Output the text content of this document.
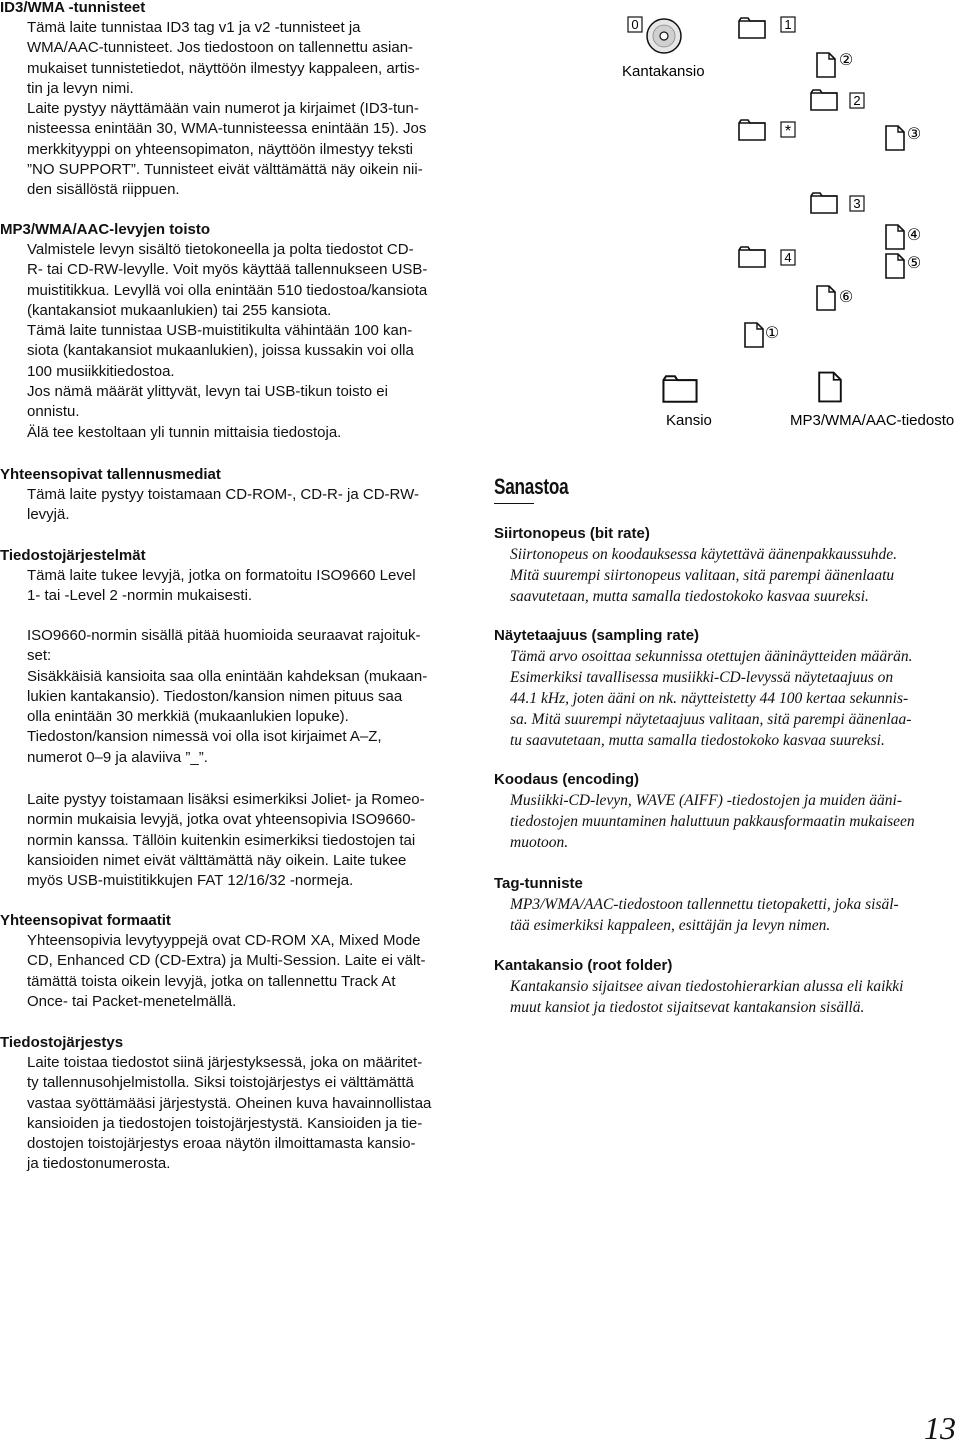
ID3/WMA -tunnisteet
Tämä laite tunnistaa ID3 tag v1 ja v2 -tunnisteet ja
WMA/AAC-tunnisteet. Jos tiedostoon on tallennettu asian-
mukaiset tunnistetiedot, näyttöön ilmestyy kappaleen, artis-
tin ja levyn nimi.
Laite pystyy näyttämään vain numerot ja kirjaimet (ID3-tun-
nisteessa enintään 30, WMA-tunnisteessa enintään 15). Jos
merkkityyppi on yhteensopimaton, näyttöön ilmestyy teksti
”NO SUPPORT”. Tunnisteet eivät välttämättä näy oikein nii-
den sisällöstä riippuen.
MP3/WMA/AAC-levyjen toisto
Valmistele levyn sisältö tietokoneella ja polta tiedostot CD-
R- tai CD-RW-levylle. Voit myös käyttää tallennukseen USB-
muistitikkua. Levyllä voi olla enintään 510 tiedostoa/kansiota
(kantakansiot mukaanlukien) tai 255 kansiota.
Tämä laite tunnistaa USB-muistitikulta vähintään 100 kan-
siota (kantakansiot mukaanlukien), joissa kussakin voi olla
100 musiikkitiedostoa.
Jos nämä määrät ylittyvät, levyn tai USB-tikun toisto ei
onnistu.
Älä tee kestoltaan yli tunnin mittaisia tiedostoja.
Yhteensopivat tallennusmediat
Tämä laite pystyy toistamaan CD-ROM-, CD-R- ja CD-RW-
levyjä.
Tiedostojärjestelmät
Tämä laite tukee levyjä, jotka on formatoitu ISO9660 Level
1- tai -Level 2 -normin mukaisesti.
ISO9660-normin sisällä pitää huomioida seuraavat rajoituk-
set:
Sisäkkäisiä kansioita saa olla enintään kahdeksan (mukaan-
lukien kantakansio). Tiedoston/kansion nimen pituus saa
olla enintään 30 merkkiä (mukaanlukien lopuke).
Tiedoston/kansion nimessä voi olla isot kirjaimet A–Z,
numerot 0–9 ja alaviiva ”_”.
Laite pystyy toistamaan lisäksi esimerkiksi Joliet- ja Romeo-
normin mukaisia levyjä, jotka ovat yhteensopivia ISO9660-
normin kanssa. Tällöin kuitenkin esimerkiksi tiedostojen tai
kansioiden nimet eivät välttämättä näy oikein. Laite tukee
myös USB-muistitikkujen FAT 12/16/32 -normeja.
Yhteensopivat formaatit
Yhteensopivia levytyyppejä ovat CD-ROM XA, Mixed Mode
CD, Enhanced CD (CD-Extra) ja Multi-Session. Laite ei vält-
tämättä toista oikein levyjä, jotka on tallennettu Track At
Once- tai Packet-menetelmällä.
Tiedostojärjestys
Laite toistaa tiedostot siinä järjestyksessä, joka on määritet-
ty tallennusohjelmistolla. Siksi toistojärjestys ei välttämättä
vastaa syöttämääsi järjestystä. Oheinen kuva havainnollistaa
kansioiden ja tiedostojen toistojärjestystä. Kansioiden ja tie-
dostojen toistojärjestys eroaa näytön ilmoittamasta kansio-
ja tiedostonumerosta.
0	1
*
2
3
4
②
③
④
⑤
⑥
①
Kantakansio
Kansio	MP3/WMA/AAC-tiedosto
Sanastoa
Siirtonopeus (bit rate)
Siirtonopeus on koodauksessa käytettävä äänenpakkaussuhde.
Mitä suurempi siirtonopeus valitaan, sitä parempi äänenlaatu
saavutetaan, mutta samalla tiedostokoko kasvaa suureksi.
Näytetaajuus (sampling rate)
Tämä arvo osoittaa sekunnissa otettujen ääninäytteiden määrän.
Esimerkiksi tavallisessa musiikki-CD-levyssä näytetaajuus on
44.1 kHz, joten ääni on nk. näytteistetty 44 100 kertaa sekunnis-
sa. Mitä suurempi näytetaajuus valitaan, sitä parempi äänenlaa-
tu saavutetaan, mutta samalla tiedostokoko kasvaa suureksi.
Koodaus (encoding)
Musiikki-CD-levyn, WAVE (AIFF) -tiedostojen ja muiden ääni-
tiedostojen muuntaminen haluttuun pakkausformaatin mukaiseen
muotoon.
Tag-tunniste
MP3/WMA/AAC-tiedostoon tallennettu tietopaketti, joka sisäl-
tää esimerkiksi kappaleen, esittäjän ja levyn nimen.
Kantakansio (root folder)
Kantakansio sijaitsee aivan tiedostohierarkian alussa eli kaikki
muut kansiot ja tiedostot sijaitsevat kantakansion sisällä.
13
